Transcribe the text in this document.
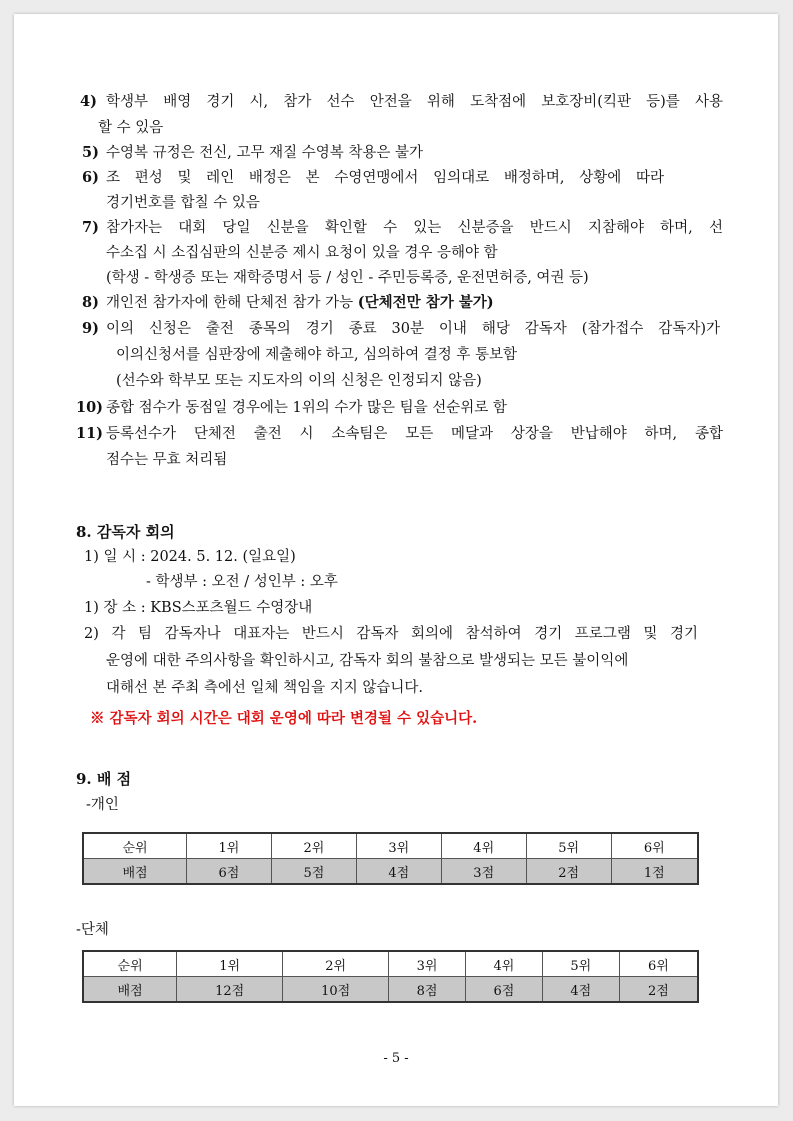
4) 학생부 배영 경기 시, 참가 선수 안전을 위해 도착점에 보호장비(킥판 등)를 사용
할 수 있음
5) 수영복 규정은 전신, 고무 재질 수영복 착용은 불가
6) 조 편성 및 레인 배정은 본 수영연맹에서 임의대로 배정하며, 상황에 따라
경기번호를 합칠 수 있음
7) 참가자는 대회 당일 신분을 확인할 수 있는 신분증을 반드시 지참해야 하며, 선
수소집 시 소집심판의 신분증 제시 요청이 있을 경우 응해야 함
(학생 - 학생증 또는 재학증명서 등 / 성인 - 주민등록증, 운전면허증, 여권 등)
8) 개인전 참가자에 한해 단체전 참가 가능 (단체전만 참가 불가)
9) 이의 신청은 출전 종목의 경기 종료 30분 이내 해당 감독자 (참가접수 감독자)가
이의신청서를 심판장에 제출해야 하고, 심의하여 결정 후 통보함
(선수와 학부모 또는 지도자의 이의 신청은 인정되지 않음)
10) 종합 점수가 동점일 경우에는 1위의 수가 많은 팀을 선순위로 함
11) 등록선수가 단체전 출전 시 소속팀은 모든 메달과 상장을 반납해야 하며, 종합
점수는 무효 처리됨
8. 감독자 회의
1) 일 시 : 2024. 5. 12. (일요일)
- 학생부 : 오전 / 성인부 : 오후
1) 장 소 : KBS스포츠월드 수영장내
2) 각 팀 감독자나 대표자는 반드시 감독자 회의에 참석하여 경기 프로그램 및 경기
운영에 대한 주의사항을 확인하시고, 감독자 회의 불참으로 발생되는 모든 불이익에
대해선 본 주최 측에선 일체 책임을 지지 않습니다.
※ 감독자 회의 시간은 대회 운영에 따라 변경될 수 있습니다.
9. 배 점
-개인
순위	1위	2위	3위	4위	5위	6위
배점	6점	5점	4점	3점	2점	1점
-단체
순위	1위	2위	3위	4위	5위	6위
배점	12점	10점	8점	6점	4점	2점
- 5 -
